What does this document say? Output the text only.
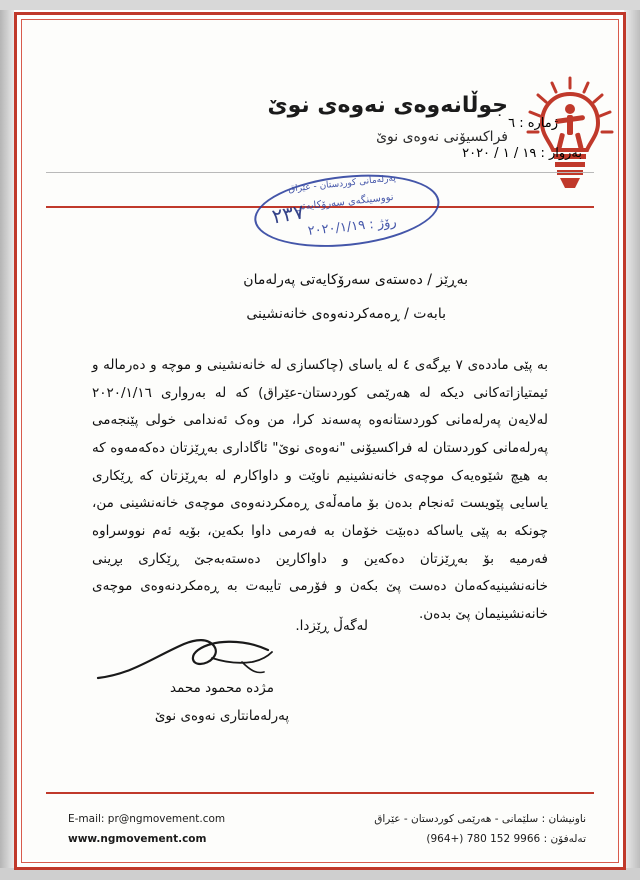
جوڵانەوەی نەوەی نوێ
فراکسیۆنی نەوەی نوێ
ژمارە : ٦
بەروار : ١٩ / ١ / ٢٠٢٠
پەرلەمانی کوردستان - عێراق
نووسینگەی سەرۆکایەتی
٢٣٧ رۆژ : ٢٠٢٠/١/١٩
بەڕێز / دەستەی سەرۆکایەتی پەرلەمان
بابەت / ڕەمەکردنەوەی خانەنشینی

بە پێی ماددەی ٧ بڕگەی ٤ لە یاسای (چاکسازی لە خانەنشینی و موچە و دەرمالە و ئیمتیازاتەکانی دیکە لە هەرێمی کوردستان-عێراق) کە لە بەرواری ٢٠٢٠/١/١٦ لەلایەن پەرلەمانی کوردستانەوە پەسەند کرا، من وەک ئەندامی خولی پێنجەمی پەرلەمانی کوردستان لە فراکسیۆنی "نەوەی نوێ" ئاگاداری بەڕێزتان دەکەمەوە کە بە هیچ شێوەیەک موچەی خانەنشینیم ناوێت و داواکارم لە بەڕێزتان کە ڕێکاری یاسایی پێویست ئەنجام بدەن بۆ مامەڵەی ڕەمکردنەوەی موچەی خانەنشینی من، چونکە بە پێی یاساکە دەبێت خۆمان بە فەرمی داوا بکەین، بۆیە ئەم نووسراوە فەرمیە بۆ بەڕێزتان دەکەین و داواکارین دەستەبەجێ ڕێکاری بڕینی خانەنشینیەکەمان دەست پێ بکەن و فۆرمی تایبەت بە ڕەمکردنەوەی موچەی خانەنشینیمان پێ بدەن.

لەگەڵ ڕێزدا.
مژدە محمود محمد
پەرلەمانتاری نەوەی نوێ
E-mail: pr@ngmovement.com
www.ngmovement.com
ناونیشان : سلێمانی - هەرێمی کوردستان - عێراق
تەلەفۆن : (964+) 780 152 9966
